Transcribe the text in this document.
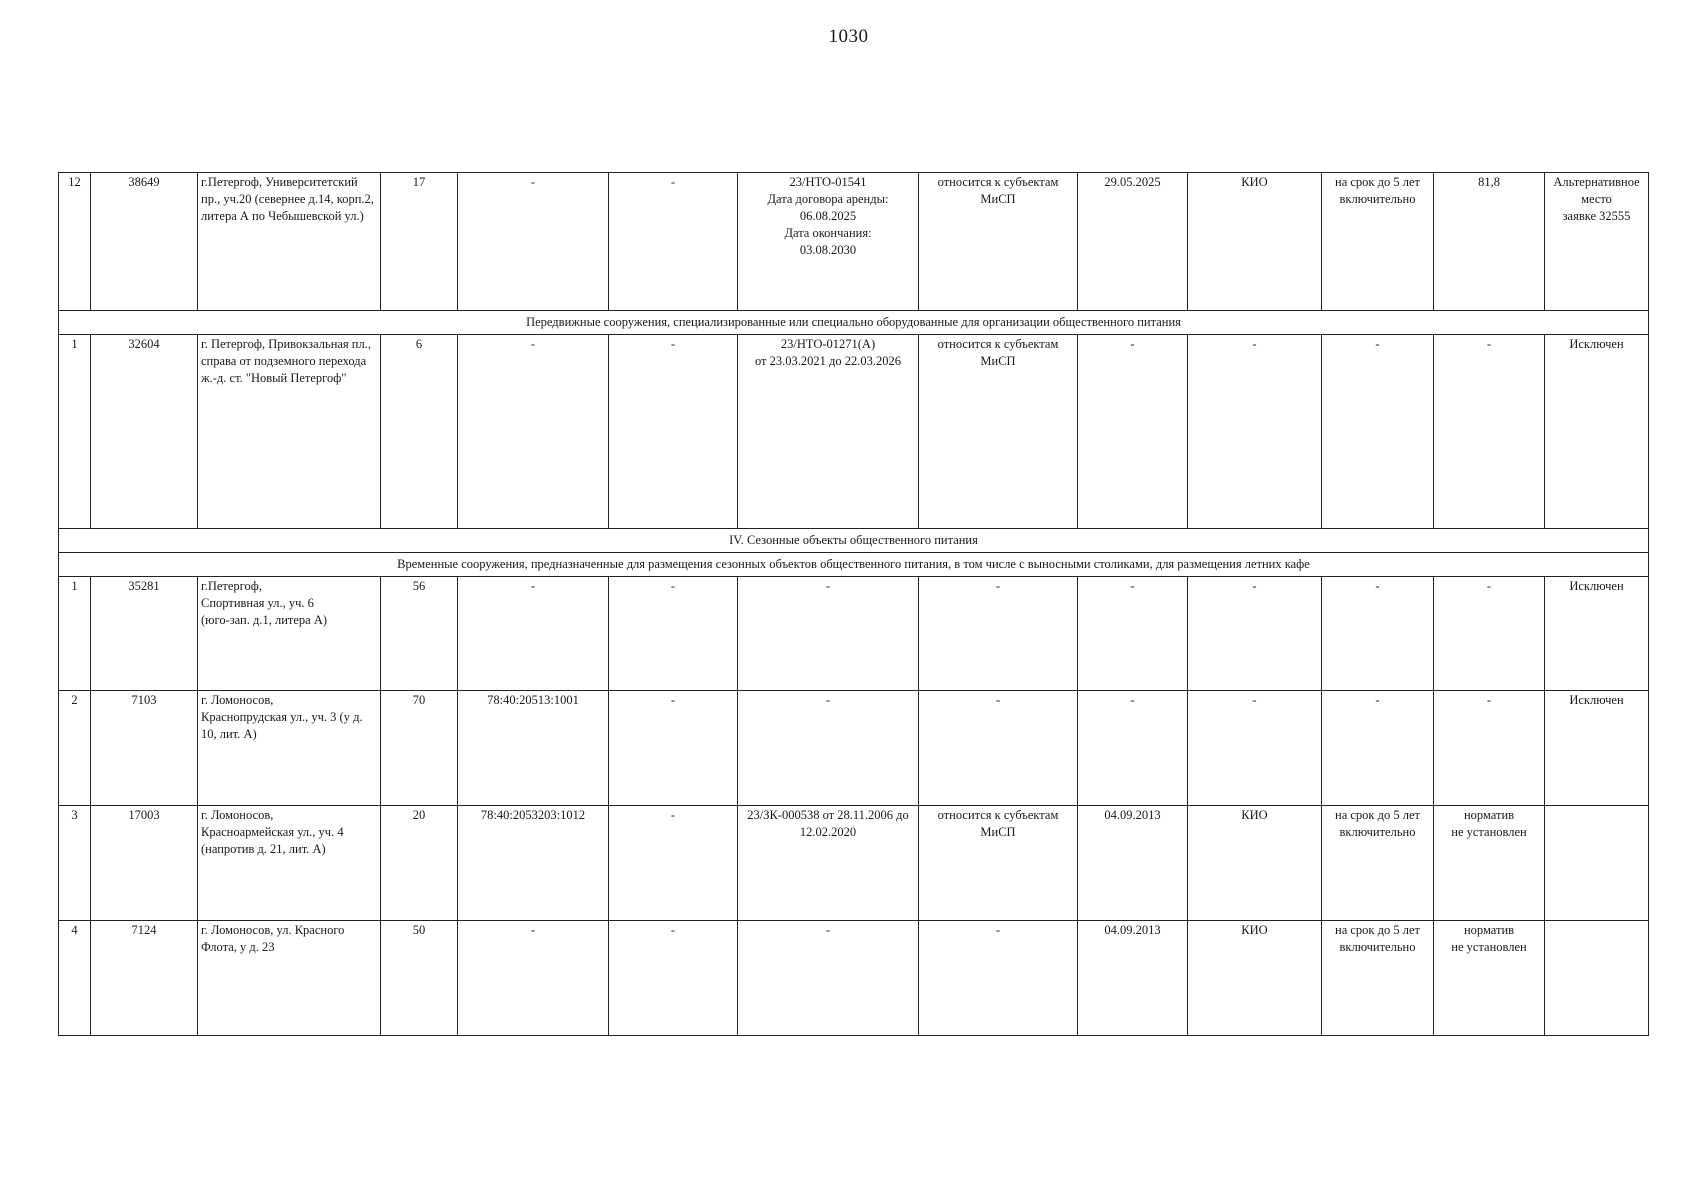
1030
12	38649	г.Петергоф, Университетский пр., уч.20 (севернее д.14, корп.2, литера А по Чебышевской ул.)	17	-	-	23/НТО-01541
Дата договора аренды:
06.08.2025
Дата окончания:
03.08.2030	относится к субъектам МиСП	29.05.2025	КИО	на срок до 5 лет включительно	81,8	Альтернативное место
заявке 32555
Передвижные сооружения, специализированные или специально оборудованные для организации общественного питания												
1	32604	г. Петергоф, Привокзальная пл., справа от подземного перехода ж.-д. ст. "Новый Петергоф"	6	-	-	23/НТО-01271(А)
от 23.03.2021 до 22.03.2026	относится к субъектам МиСП	-	-	-	-	Исключен
IV. Сезонные объекты общественного питания												
Временные сооружения, предназначенные для размещения сезонных объектов общественного питания, в том числе с выносными столиками, для размещения летних кафе												
1	35281	г.Петергоф,
Спортивная ул., уч. 6
(юго-зап. д.1, литера А)	56	-	-	-	-	-	-	-	-	Исключен
2	7103	г. Ломоносов,
Краснопрудская ул., уч. 3 (у д. 10, лит. А)	70	78:40:20513:1001	-	-	-	-	-	-	-	Исключен
3	17003	г. Ломоносов,
Красноармейская ул., уч. 4 (напротив д. 21, лит. А)	20	78:40:2053203:1012	-	23/ЗК-000538 от 28.11.2006 до 12.02.2020	относится к субъектам МиСП	04.09.2013	КИО	на срок до 5 лет включительно	норматив
не установлен	
4	7124	г. Ломоносов, ул. Красного Флота, у д. 23	50	-	-	-	-	04.09.2013	КИО	на срок до 5 лет включительно	норматив
не установлен	
